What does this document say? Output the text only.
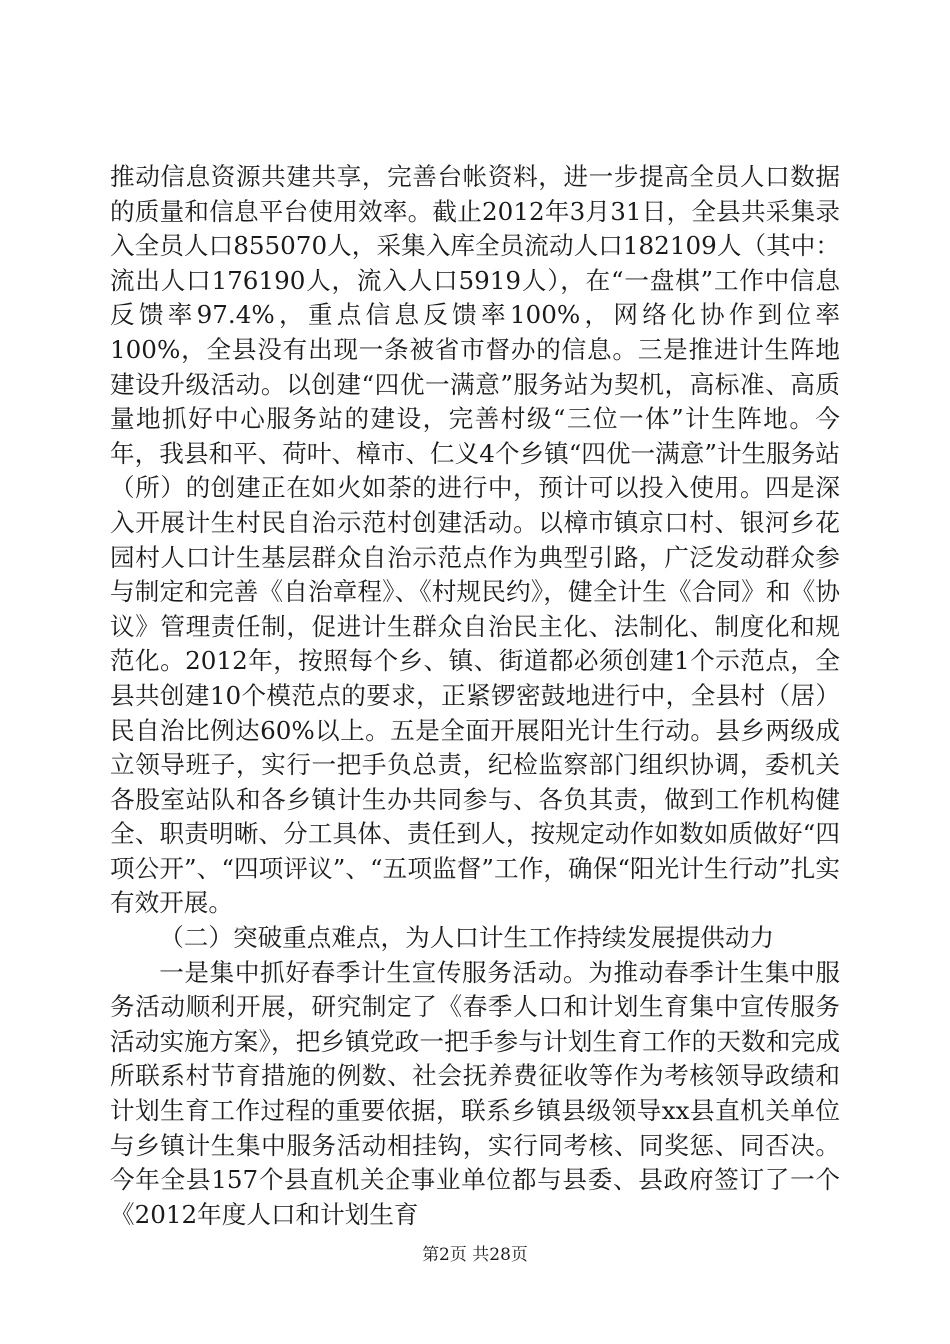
推动信息资源共建共享，完善台帐资料，进一步提高全员人口数据的质量和信息平台使用效率。截止2012年3月31日，全县共采集录入全员人口855070人，采集入库全员流动人口182109人（其中：流出人口176190人，流入人口5919人），在“一盘棋”工作中信息反馈率97.4%，重点信息反馈率100%，网络化协作到位率100%，全县没有出现一条被省市督办的信息。三是推进计生阵地建设升级活动。以创建“四优一满意”服务站为契机，高标准、高质量地抓好中心服务站的建设，完善村级“三位一体”计生阵地。今年，我县和平、荷叶、樟市、仁义4个乡镇“四优一满意”计生服务站（所）的创建正在如火如荼的进行中，预计可以投入使用。四是深入开展计生村民自治示范村创建活动。以樟市镇京口村、银河乡花园村人口计生基层群众自治示范点作为典型引路，广泛发动群众参与制定和完善《自治章程》、《村规民约》，健全计生《合同》和《协议》管理责任制，促进计生群众自治民主化、法制化、制度化和规范化。2012年，按照每个乡、镇、街道都必须创建1个示范点，全县共创建10个模范点的要求，正紧锣密鼓地进行中，全县村（居）民自治比例达60%以上。五是全面开展阳光计生行动。县乡两级成立领导班子，实行一把手负总责，纪检监察部门组织协调，委机关各股室站队和各乡镇计生办共同参与、各负其责，做到工作机构健全、职责明晰、分工具体、责任到人，按规定动作如数如质做好“四项公开”、“四项评议”、“五项监督”工作，确保“阳光计生行动”扎实有效开展。

（二）突破重点难点，为人口计生工作持续发展提供动力

一是集中抓好春季计生宣传服务活动。为推动春季计生集中服务活动顺利开展，研究制定了《春季人口和计划生育集中宣传服务活动实施方案》，把乡镇党政一把手参与计划生育工作的天数和完成所联系村节育措施的例数、社会抚养费征收等作为考核领导政绩和计划生育工作过程的重要依据，联系乡镇县级领导xx县直机关单位与乡镇计生集中服务活动相挂钩，实行同考核、同奖惩、同否决。今年全县157个县直机关企事业单位都与县委、县政府签订了一个《2012年度人口和计划生育

第2页 共28页
